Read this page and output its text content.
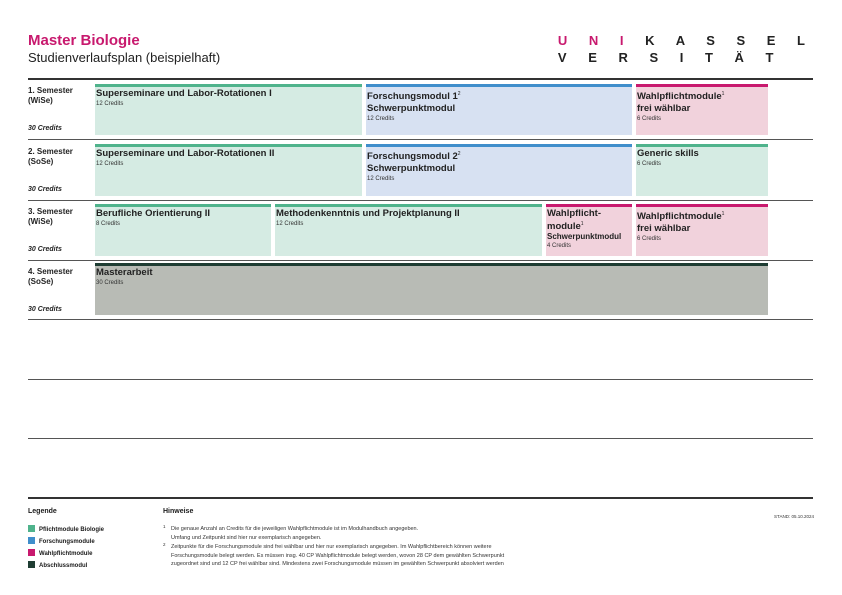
Master Biologie
Studienverlaufsplan (beispielhaft)
U N I K A S S E L
V E R S I T Ä T
1. Semester
(WiSe)
30 Credits
2. Semester
(SoSe)
30 Credits
3. Semester
(WiSe)
30 Credits
4. Semester
(SoSe)
30 Credits
Superseminare und Labor-Rotationen I
12 Credits
Forschungsmodul $1^2$
Schwerpunktmodul
12 Credits
Wahlpflichtmodule$^1$
frei wählbar
6 Credits
Superseminare und Labor-Rotationen II
12 Credits
Forschungsmodul $2^2$
Schwerpunktmodul
12 Credits
Generic skills
6 Credits
Berufliche Orientierung II
8 Credits
Methodenkenntnis und Projektplanung II
12 Credits
Wahlpflicht-
module$^1$
Schwerpunktmodul
4 Credits
Wahlpflichtmodule$^1$
frei wählbar
6 Credits
Masterarbeit
30 Credits
Legende
Pflichtmodule Biologie
Forschungsmodule
Wahlpflichtmodule
Abschlussmodul
Hinweise
STAND: 05.10.2024
1 Die genaue Anzahl an Credits für die jeweiligen Wahlpflichtmodule ist im Modulhandbuch angegeben.
Umfang und Zeitpunkt sind hier nur exemplarisch angegeben.
2 Zeitpunkte für die Forschungsmodule sind frei wählbar und hier nur exemplarisch angegeben. Im Wahlpflichtbereich können weitere
Forschungsmodule belegt werden. Es müssen insg. 40 CP Wahlpflichtmodule belegt werden, wovon 28 CP dem gewählten Schwerpunkt
zugeordnet sind und 12 CP frei wählbar sind. Mindestens zwei Forschungsmodule müssen im gewählten Schwerpunkt absolviert werden
